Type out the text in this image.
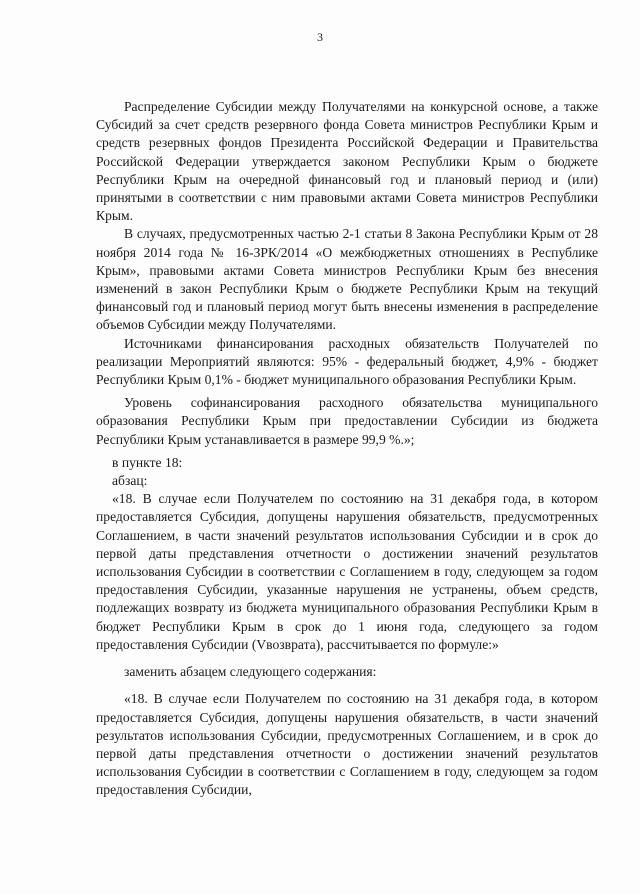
3

Распределение Субсидии между Получателями на конкурсной основе, а также Субсидий за счет средств резервного фонда Совета министров Республики Крым и средств резервных фондов Президента Российской Федерации и Правительства Российской Федерации утверждается законом Республики Крым о бюджете Республики Крым на очередной финансовый год и плановый период и (или) принятыми в соответствии с ним правовыми актами Совета министров Республики Крым.

В случаях, предусмотренных частью 2-1 статьи 8 Закона Республики Крым от 28 ноября 2014 года № 16-ЗРК/2014 «О межбюджетных отношениях в Республике Крым», правовыми актами Совета министров Республики Крым без внесения изменений в закон Республики Крым о бюджете Республики Крым на текущий финансовый год и плановый период могут быть внесены изменения в распределение объемов Субсидии между Получателями.

Источниками финансирования расходных обязательств Получателей по реализации Мероприятий являются: 95% - федеральный бюджет, 4,9% - бюджет Республики Крым 0,1% - бюджет муниципального образования Республики Крым.

Уровень софинансирования расходного обязательства муниципального образования Республики Крым при предоставлении Субсидии из бюджета Республики Крым устанавливается в размере 99,9 %.»;

в пункте 18:

абзац:

«18. В случае если Получателем по состоянию на 31 декабря года, в котором предоставляется Субсидия, допущены нарушения обязательств, предусмотренных Соглашением, в части значений результатов использования Субсидии и в срок до первой даты представления отчетности о достижении значений результатов использования Субсидии в соответствии с Соглашением в году, следующем за годом предоставления Субсидии, указанные нарушения не устранены, объем средств, подлежащих возврату из бюджета муниципального образования Республики Крым в бюджет Республики Крым в срок до 1 июня года, следующего за годом предоставления Субсидии (Vвозврата), рассчитывается по формуле:»

заменить абзацем следующего содержания:

«18. В случае если Получателем по состоянию на 31 декабря года, в котором предоставляется Субсидия, допущены нарушения обязательств, в части значений результатов использования Субсидии, предусмотренных Соглашением, и в срок до первой даты представления отчетности о достижении значений результатов использования Субсидии в соответствии с Соглашением в году, следующем за годом предоставления Субсидии,
